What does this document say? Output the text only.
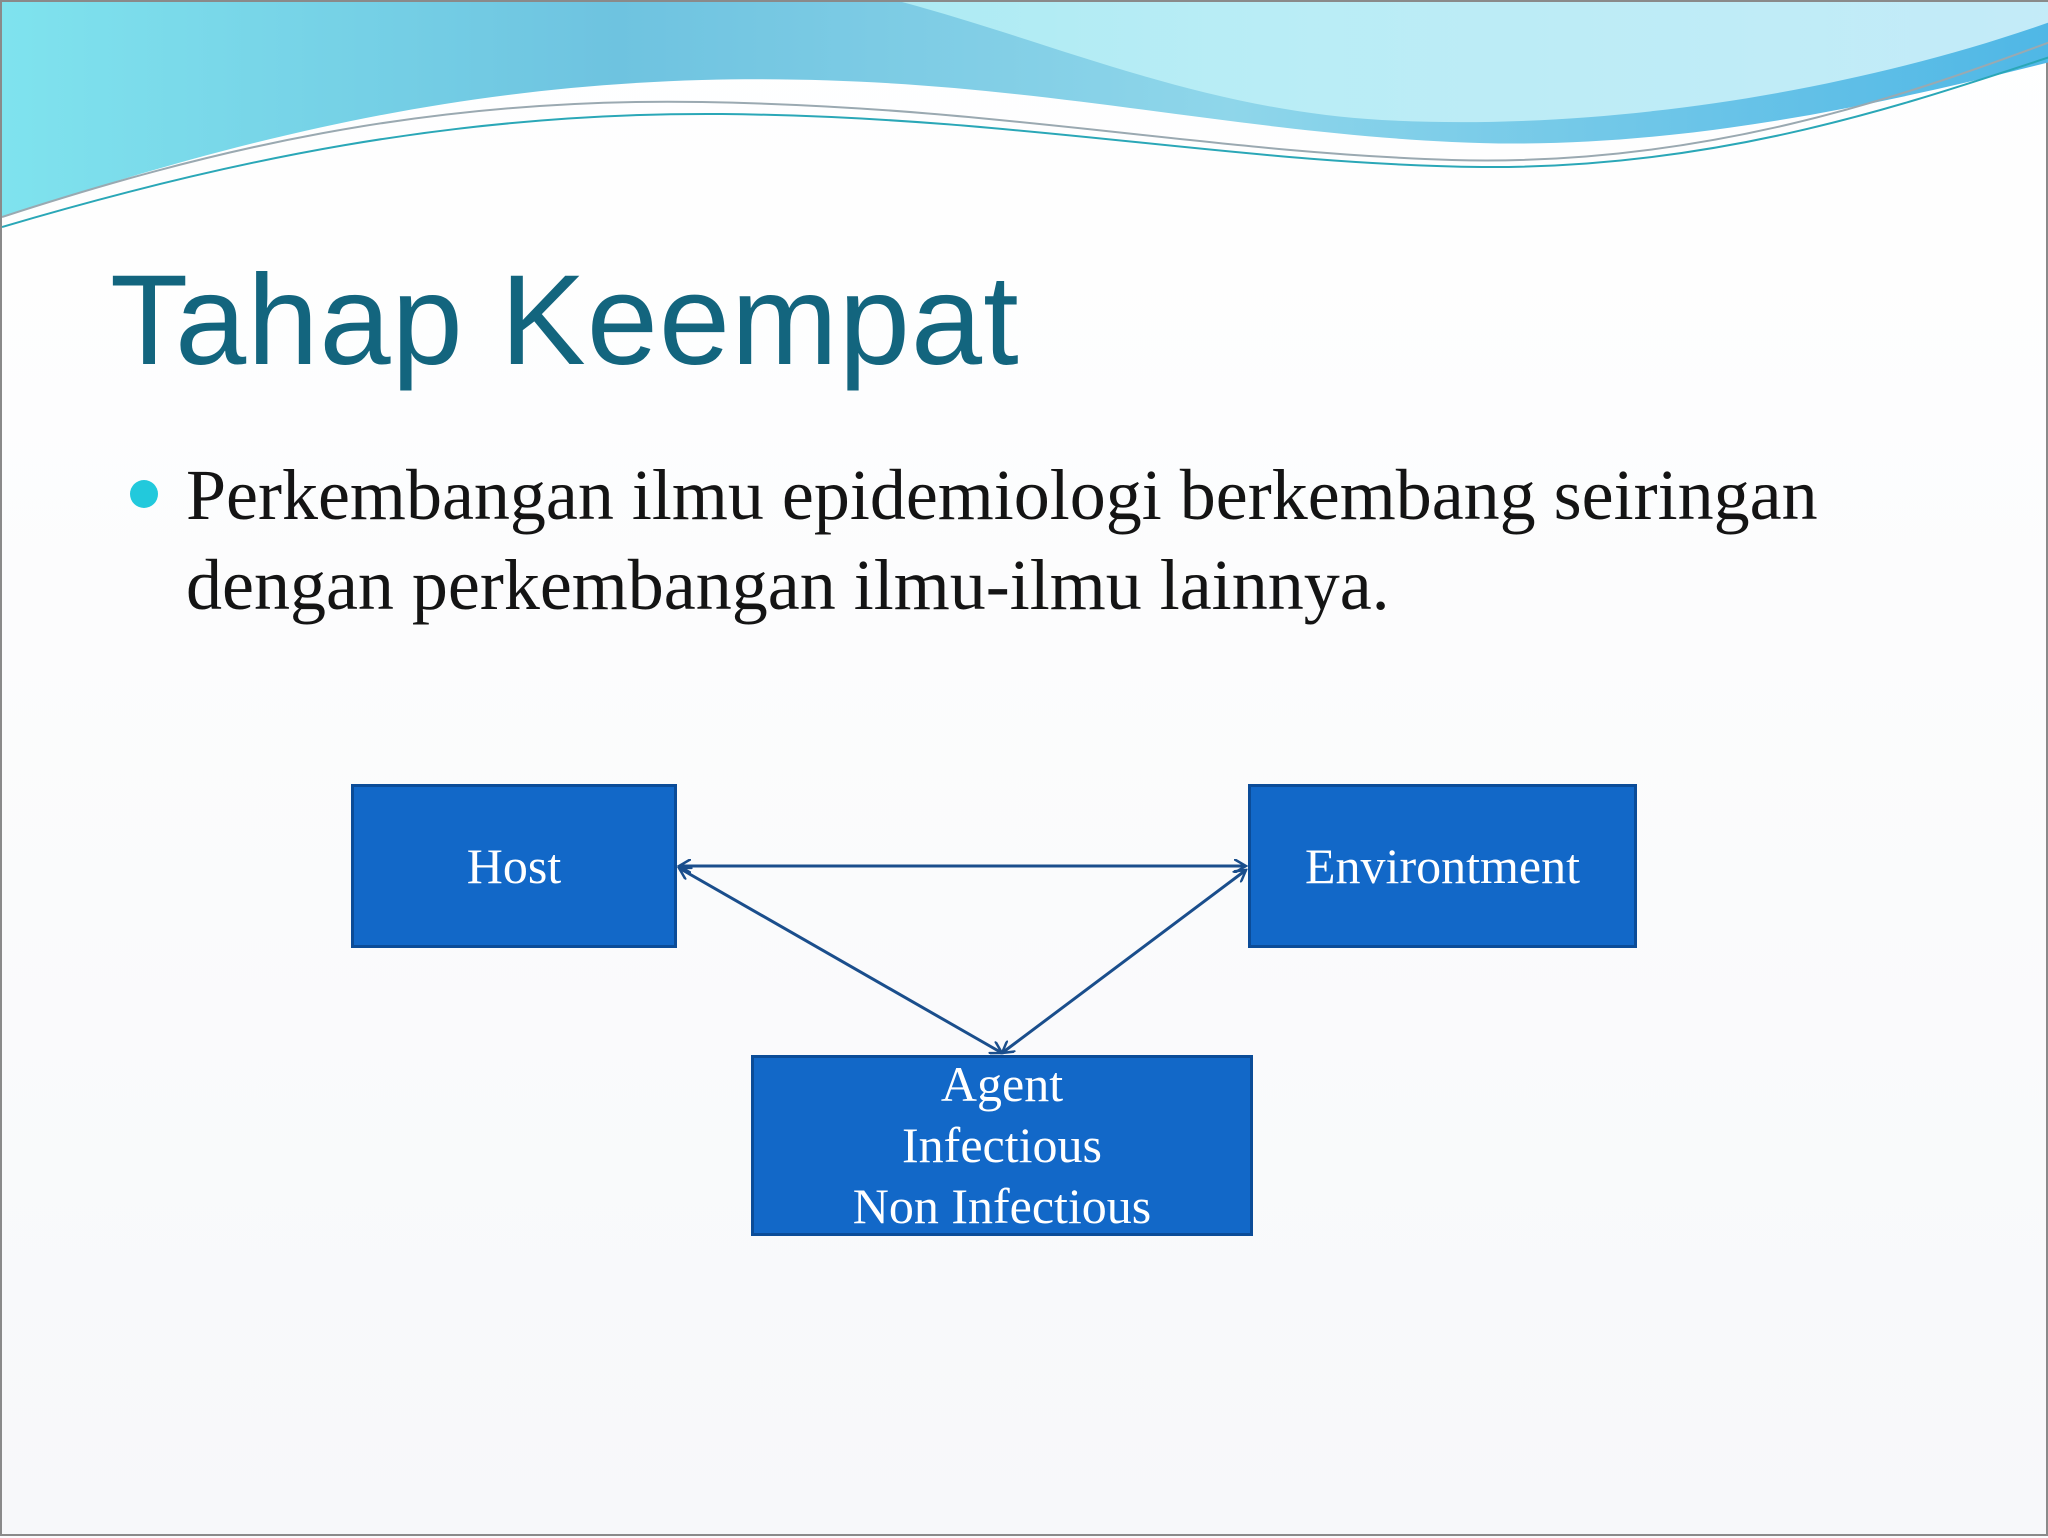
Tahap Keempat
Perkembangan ilmu epidemiologi berkembang seiringan dengan perkembangan ilmu-ilmu lainnya.
Host	Environtment
Agent
Infectious
Non Infectious
